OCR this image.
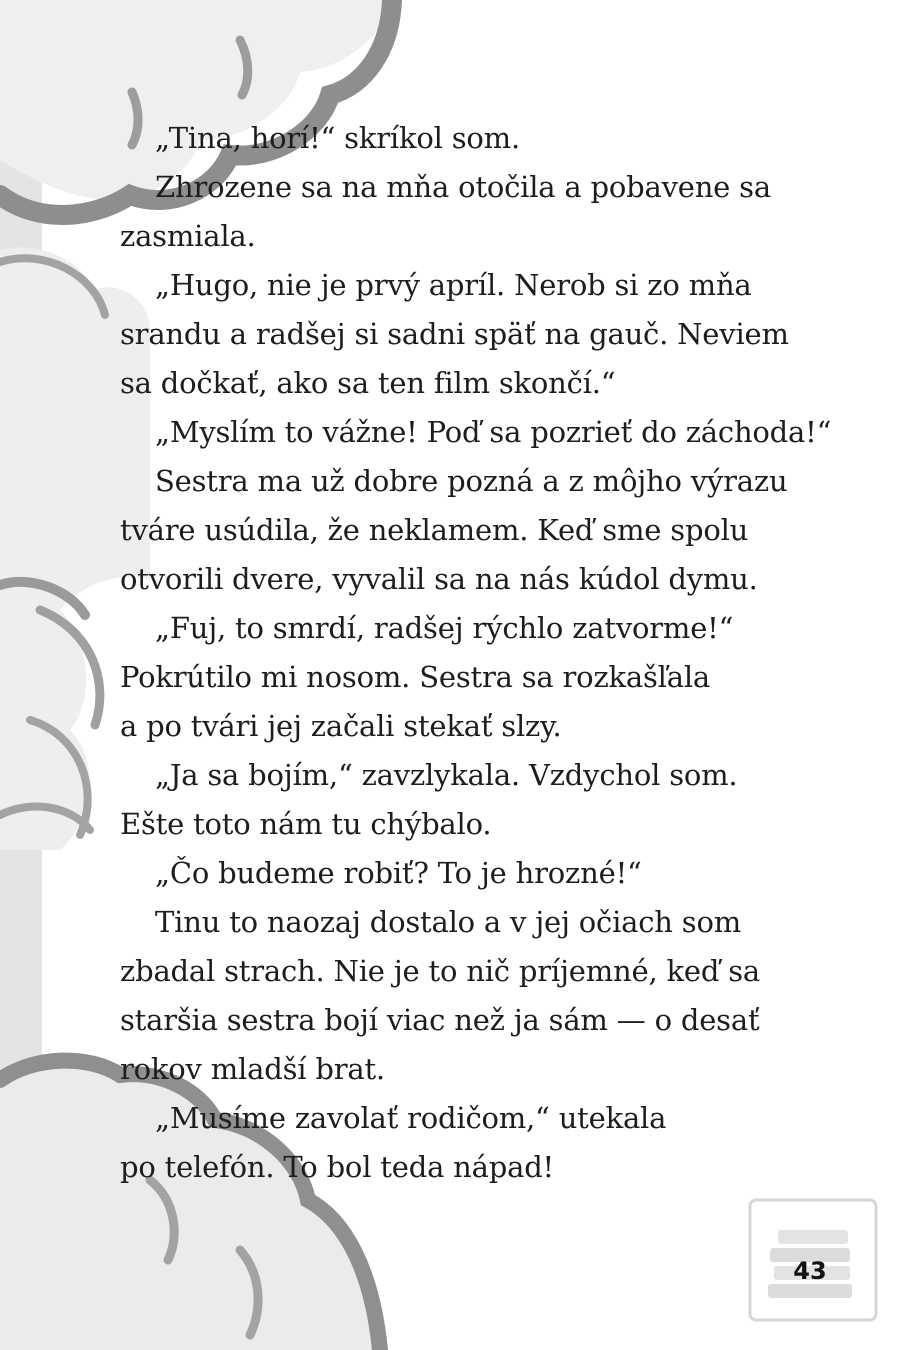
„Tina, horí!“ skríkol som.
Zhrozene sa na mňa otočila a pobavene sa
zasmiala.
„Hugo, nie je prvý apríl. Nerob si zo mňa
srandu a radšej si sadni späť na gauč. Neviem
sa dočkať, ako sa ten film skončí.“
„Myslím to vážne! Poď sa pozrieť do záchoda!“
Sestra ma už dobre pozná a z môjho výrazu
tváre usúdila, že neklamem. Keď sme spolu
otvorili dvere, vyvalil sa na nás kúdol dymu.
„Fuj, to smrdí, radšej rýchlo zatvorme!“
Pokrútilo mi nosom. Sestra sa rozkašľala
a po tvári jej začali stekať slzy.
„Ja sa bojím,“ zavzlykala. Vzdychol som.
Ešte toto nám tu chýbalo.
„Čo budeme robiť? To je hrozné!“
Tinu to naozaj dostalo a v jej očiach som
zbadal strach. Nie je to nič príjemné, keď sa
staršia sestra bojí viac než ja sám — o desať
rokov mladší brat.
„Musíme zavolať rodičom,“ utekala
po telefón. To bol teda nápad!
43
